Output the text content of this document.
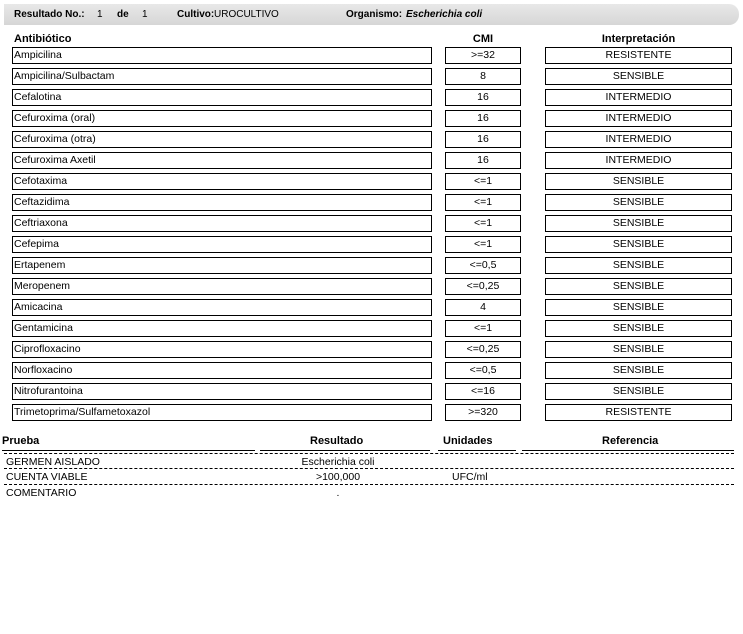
Resultado No.: 1 de 1	Cultivo: UROCULTIVO	Organismo: Escherichia coli
Antibiótico	CMI	Interpretación
Ampicilina	>=32	RESISTENTE
Ampicilina/Sulbactam	8	SENSIBLE
Cefalotina	16	INTERMEDIO
Cefuroxima (oral)	16	INTERMEDIO
Cefuroxima (otra)	16	INTERMEDIO
Cefuroxima Axetil	16	INTERMEDIO
Cefotaxima	<=1	SENSIBLE
Ceftazidima	<=1	SENSIBLE
Ceftriaxona	<=1	SENSIBLE
Cefepima	<=1	SENSIBLE
Ertapenem	<=0,5	SENSIBLE
Meropenem	<=0,25	SENSIBLE
Amicacina	4	SENSIBLE
Gentamicina	<=1	SENSIBLE
Ciprofloxacino	<=0,25	SENSIBLE
Norfloxacino	<=0,5	SENSIBLE
Nitrofurantoina	<=16	SENSIBLE
Trimetoprima/Sulfametoxazol	>=320	RESISTENTE
Prueba	Resultado	Unidades	Referencia
GERMEN AISLADO	Escherichia coli
CUENTA VIABLE	>100,000	UFC/ml
COMENTARIO	.
